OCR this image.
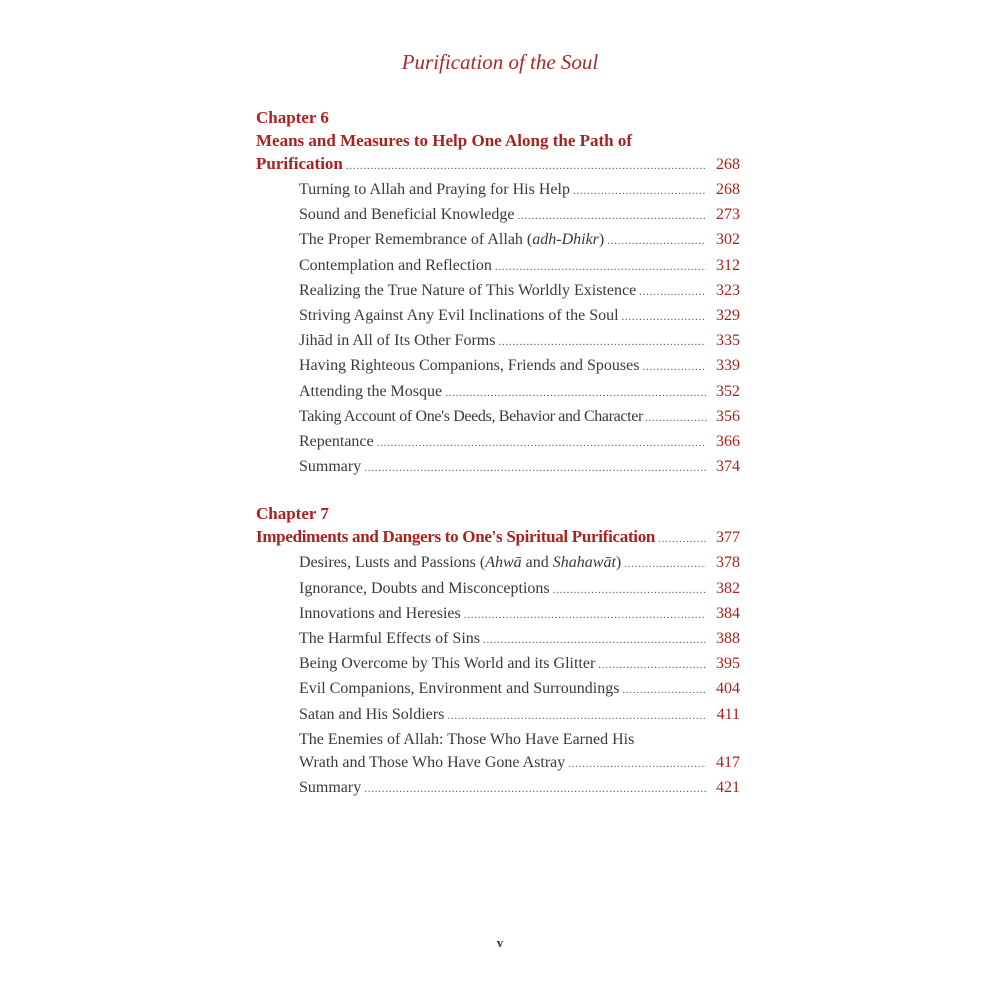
Purification of the Soul
Chapter 6
Means and Measures to Help One Along the Path of
Purification . . .	268
Turning to Allah and Praying for His Help . . .	268
Sound and Beneficial Knowledge . . .	273
The Proper Remembrance of Allah (adh-Dhikr) . . .	302
Contemplation and Reflection . . .	312
Realizing the True Nature of This Worldly Existence . . .	323
Striving Against Any Evil Inclinations of the Soul . . .	329
Jihād in All of Its Other Forms . . .	335
Having Righteous Companions, Friends and Spouses . . .	339
Attending the Mosque . . .	352
Taking Account of One's Deeds, Behavior and Character . . .	356
Repentance . . .	366
Summary . . .	374
Chapter 7
Impediments and Dangers to One's Spiritual Purification . . .	377
Desires, Lusts and Passions (Ahwā and Shahawāt) . . .	378
Ignorance, Doubts and Misconceptions . . .	382
Innovations and Heresies . . .	384
The Harmful Effects of Sins . . .	388
Being Overcome by This World and its Glitter . . .	395
Evil Companions, Environment and Surroundings . . .	404
Satan and His Soldiers . . .	411
The Enemies of Allah: Those Who Have Earned His
Wrath and Those Who Have Gone Astray . . .	417
Summary . . .	421
v
